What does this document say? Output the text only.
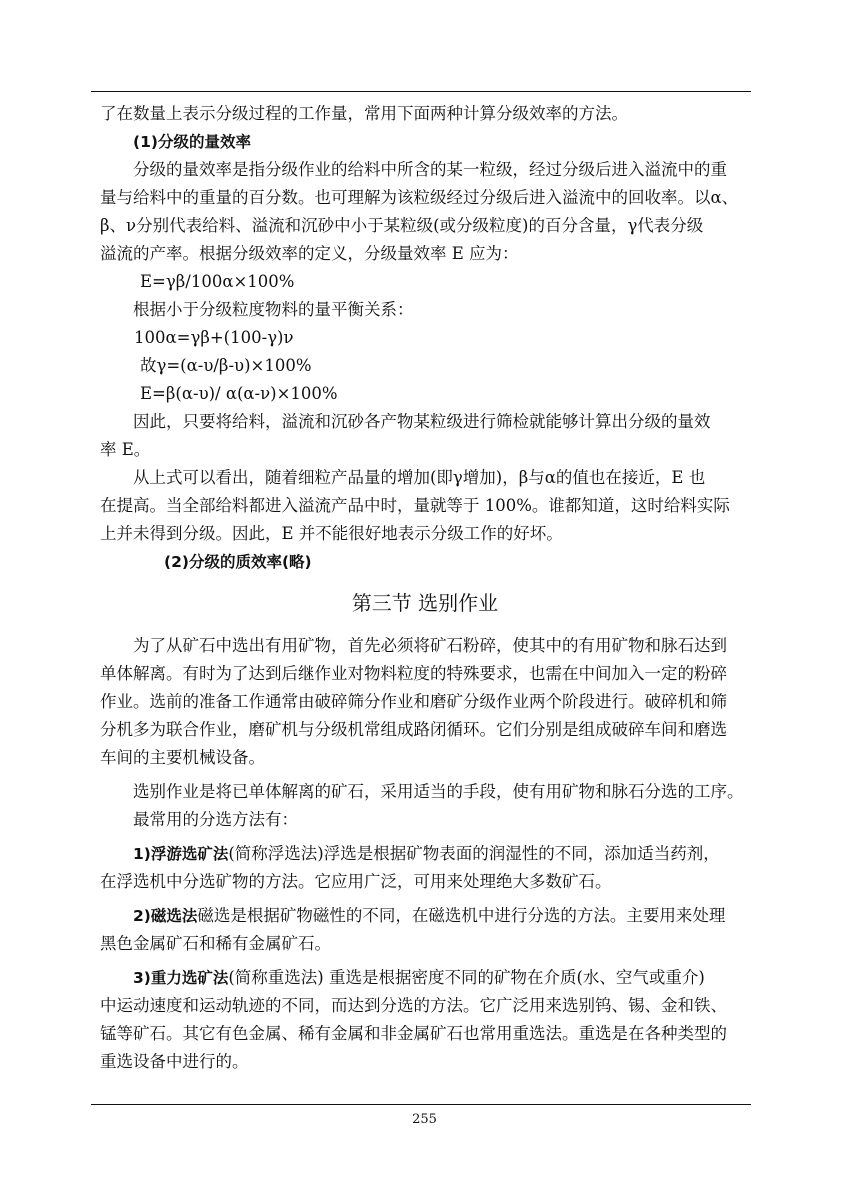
了在数量上表示分级过程的工作量，常用下面两种计算分级效率的方法。
(1)分级的量效率
分级的量效率是指分级作业的给料中所含的某一粒级，经过分级后进入溢流中的重
量与给料中的重量的百分数。也可理解为该粒级经过分级后进入溢流中的回收率。以α、
β、ν分别代表给料、溢流和沉砂中小于某粒级(或分级粒度)的百分含量，γ代表分级
溢流的产率。根据分级效率的定义，分级量效率 E 应为：
E=γβ/100α×100%
根据小于分级粒度物料的量平衡关系：
100α=γβ+(100-γ)ν
故γ=(α-υ/β-υ)×100%
E=β(α-υ)/ α(α-ν)×100%
因此，只要将给料，溢流和沉砂各产物某粒级进行筛检就能够计算出分级的量效
率 E。
从上式可以看出，随着细粒产品量的增加(即γ增加)，β与α的值也在接近，E 也
在提高。当全部给料都进入溢流产品中时，量就等于 100%。谁都知道，这时给料实际
上并未得到分级。因此，E 并不能很好地表示分级工作的好坏。
(2)分级的质效率(略)
第三节 选别作业
为了从矿石中选出有用矿物，首先必须将矿石粉碎，使其中的有用矿物和脉石达到
单体解离。有时为了达到后继作业对物料粒度的特殊要求，也需在中间加入一定的粉碎
作业。选前的准备工作通常由破碎筛分作业和磨矿分级作业两个阶段进行。破碎机和筛
分机多为联合作业，磨矿机与分级机常组成路闭循环。它们分别是组成破碎车间和磨选
车间的主要机械设备。
选别作业是将已单体解离的矿石，采用适当的手段，使有用矿物和脉石分选的工序。
最常用的分选方法有：
1)浮游选矿法(简称浮选法)浮选是根据矿物表面的润湿性的不同，添加适当药剂，
在浮选机中分选矿物的方法。它应用广泛，可用来处理绝大多数矿石。
2)磁选法磁选是根据矿物磁性的不同，在磁选机中进行分选的方法。主要用来处理
黑色金属矿石和稀有金属矿石。
3)重力选矿法(简称重选法) 重选是根据密度不同的矿物在介质(水、空气或重介)
中运动速度和运动轨迹的不同，而达到分选的方法。它广泛用来选别钨、锡、金和铁、
锰等矿石。其它有色金属、稀有金属和非金属矿石也常用重选法。重选是在各种类型的
重选设备中进行的。
255
